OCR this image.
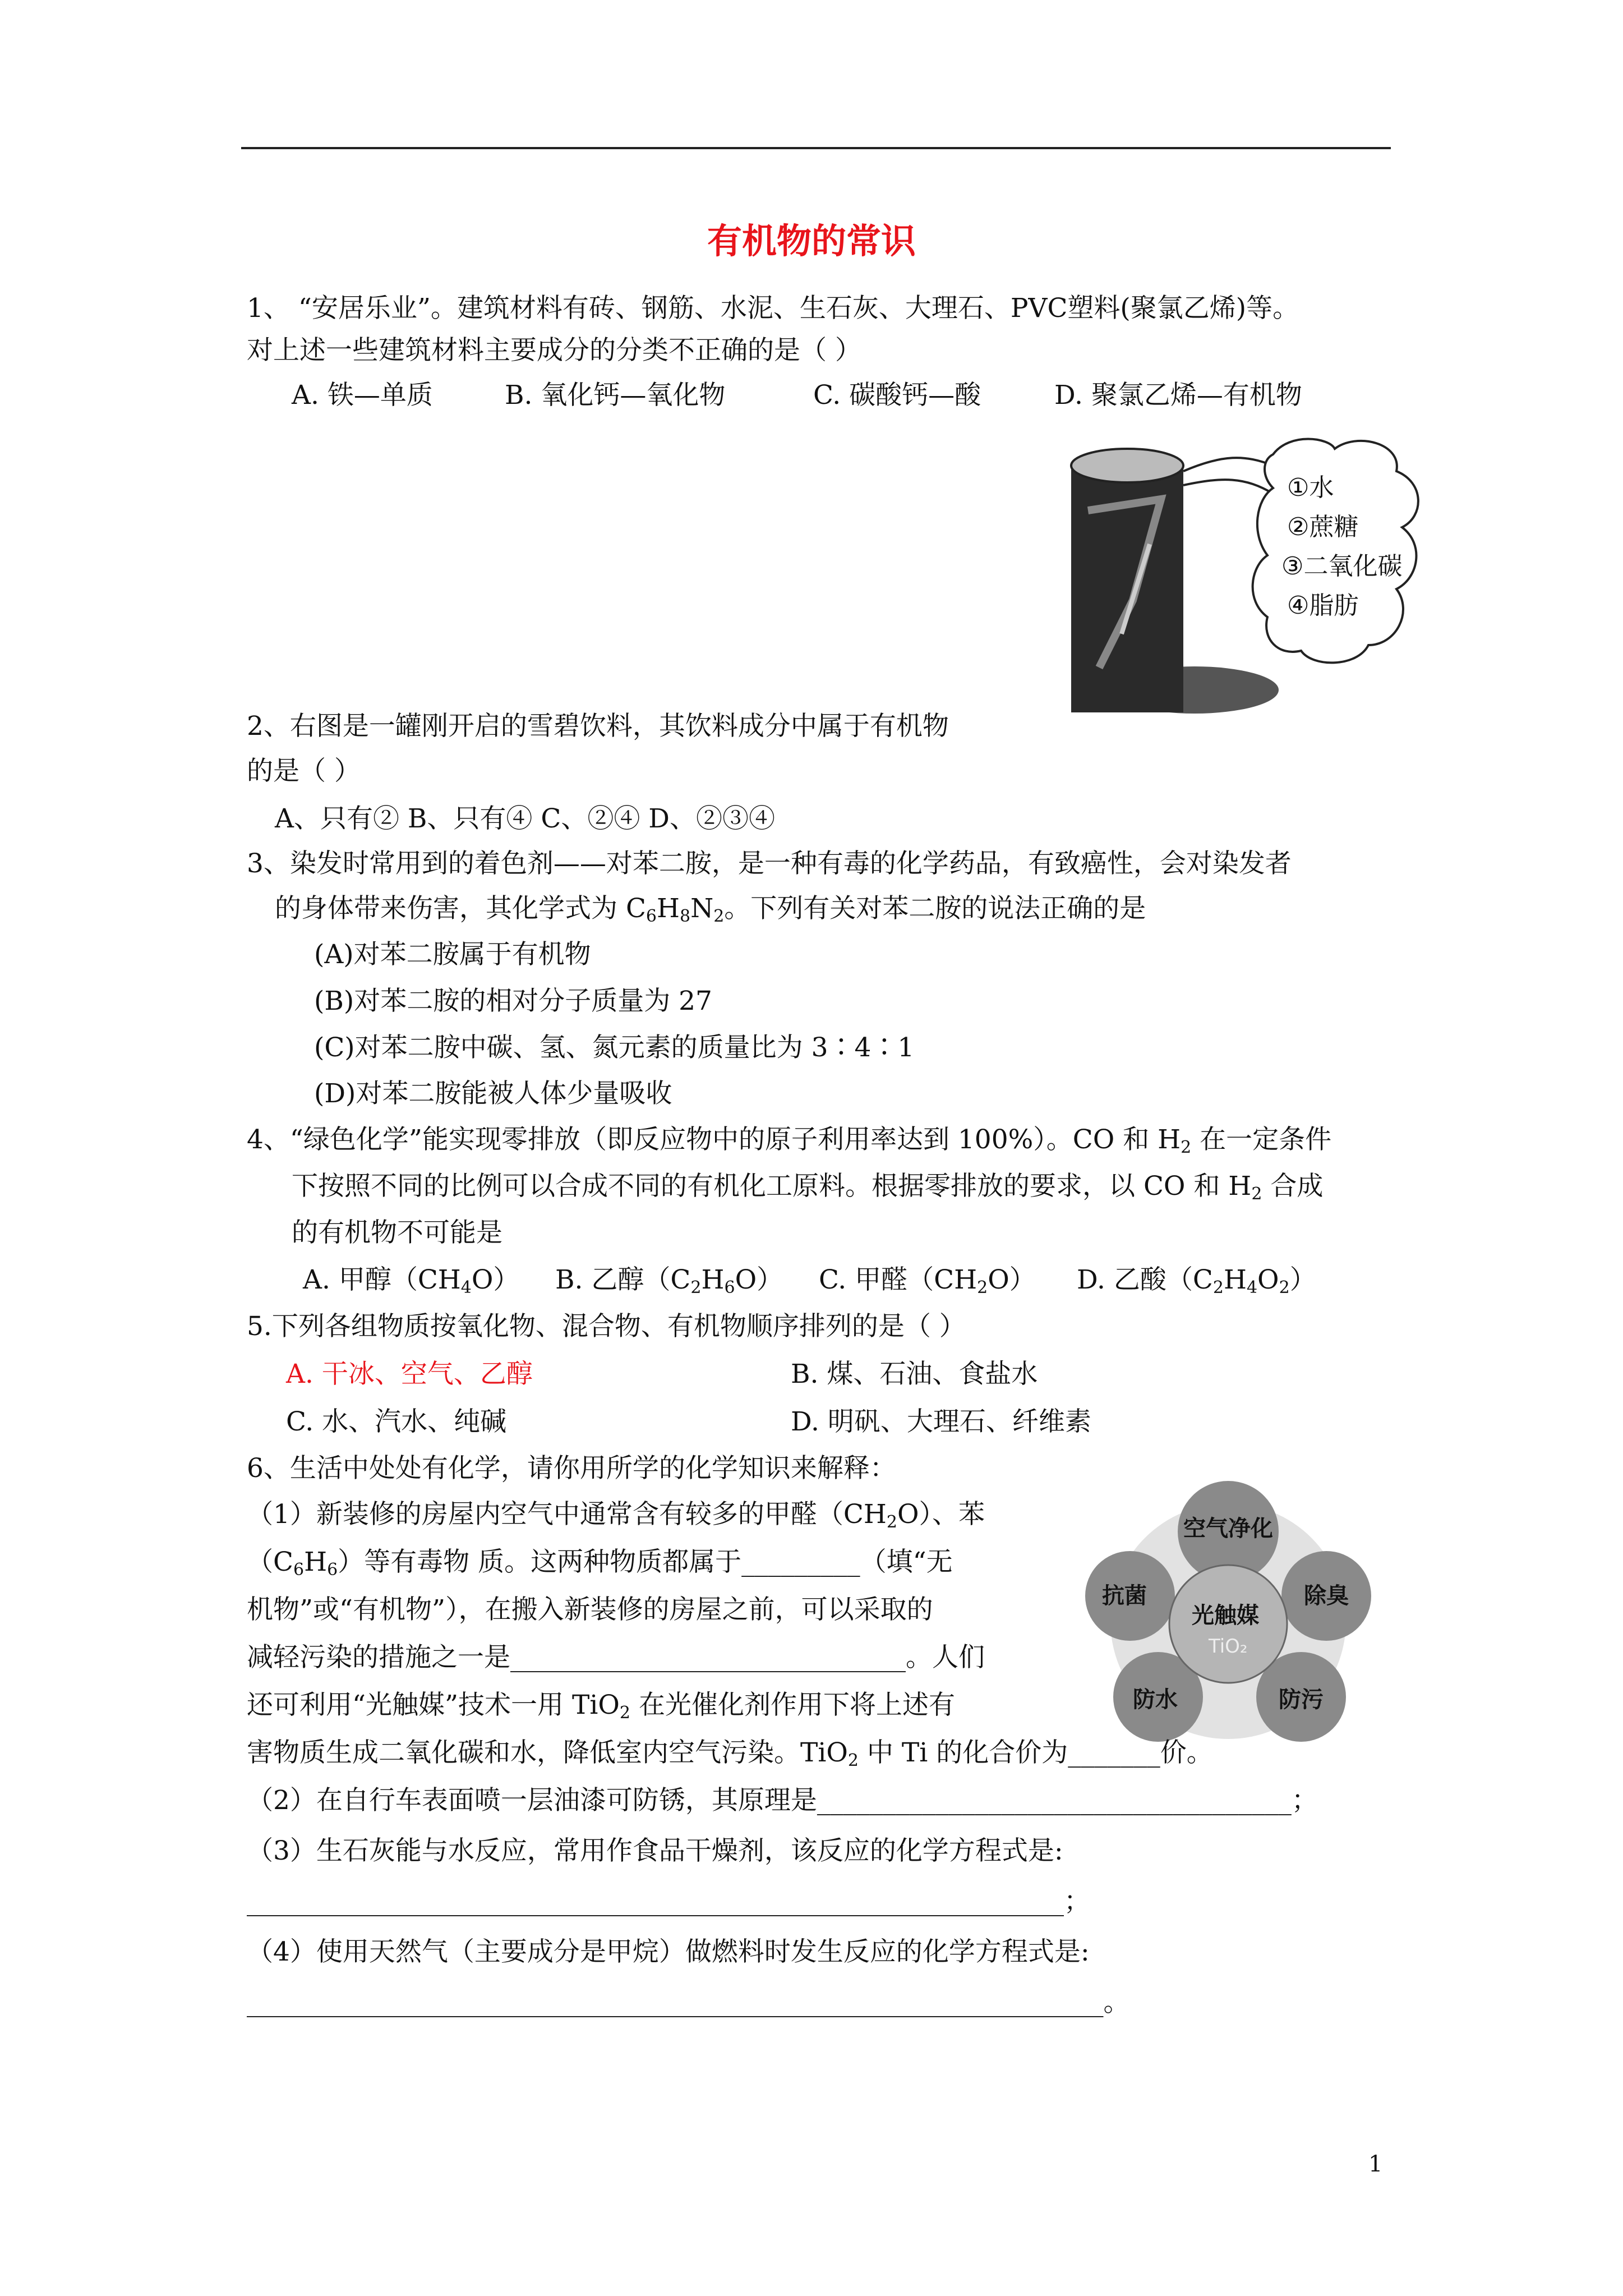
有机物的常识
1、 “安居乐业”。建筑材料有砖、钢筋、水泥、生石灰、大理石、PVC塑料(聚氯乙烯)等。
对上述一些建筑材料主要成分的分类不正确的是（ ）
A. 铁—单质	B. 氧化钙—氧化物	C. 碳酸钙—酸	D. 聚氯乙烯—有机物
①水
②蔗糖
③二氧化碳
④脂肪
2、右图是一罐刚开启的雪碧饮料，其饮料成分中属于有机物
的是（ ）
A、只有② B、只有④ C、②④ D、②③④
3、染发时常用到的着色剂——对苯二胺，是一种有毒的化学药品，有致癌性，会对染发者
的身体带来伤害，其化学式为 $C_6H_8N_2$。下列有关对苯二胺的说法正确的是
(A)对苯二胺属于有机物
(B)对苯二胺的相对分子质量为 27
(C)对苯二胺中碳、氢、氮元素的质量比为 3∶4∶1
(D)对苯二胺能被人体少量吸收
4、“绿色化学”能实现零排放（即反应物中的原子利用率达到 100%）。CO 和 $H_2$ 在一定条件
下按照不同的比例可以合成不同的有机化工原料。根据零排放的要求，以 CO 和 $H_2$ 合成
的有机物不可能是
A. 甲醇$(CH_4O)$ B. 乙醇$(C_2H_6O)$ C. 甲醛$(CH_2O)$ D. 乙酸$(C_2H_4O_2)$
5.下列各组物质按氧化物、混合物、有机物顺序排列的是（ ）
A. 干冰、空气、乙醇	B. 煤、石油、食盐水
C. 水、汽水、纯碱	D. 明矾、大理石、纤维素
6、生活中处处有化学，请你用所学的化学知识来解释：
空气净化
抗菌	除臭
光触媒
TiO₂
防水	防污
（1）新装修的房屋内空气中通常含有较多的甲醛$(CH_2O)$、苯
$(C_6H_6)$等有毒物 质。这两种物质都属于_________（填“无
机物”或“有机物”），在搬入新装修的房屋之前，可以采取的
减轻污染的措施之一是______________________________。人们
还可利用“光触媒”技术一用 TiO$_2$ 在光催化剂作用下将上述有
害物质生成二氧化碳和水，降低室内空气污染。TiO$_2$ 中 Ti 的化合价为_______价。
（2）在自行车表面喷一层油漆可防锈，其原理是____________________________________；
（3）生石灰能与水反应，常用作食品干燥剂，该反应的化学方程式是:
______________________________________________________________；
（4）使用天然气（主要成分是甲烷）做燃料时发生反应的化学方程式是:
_________________________________________________________________。
1
